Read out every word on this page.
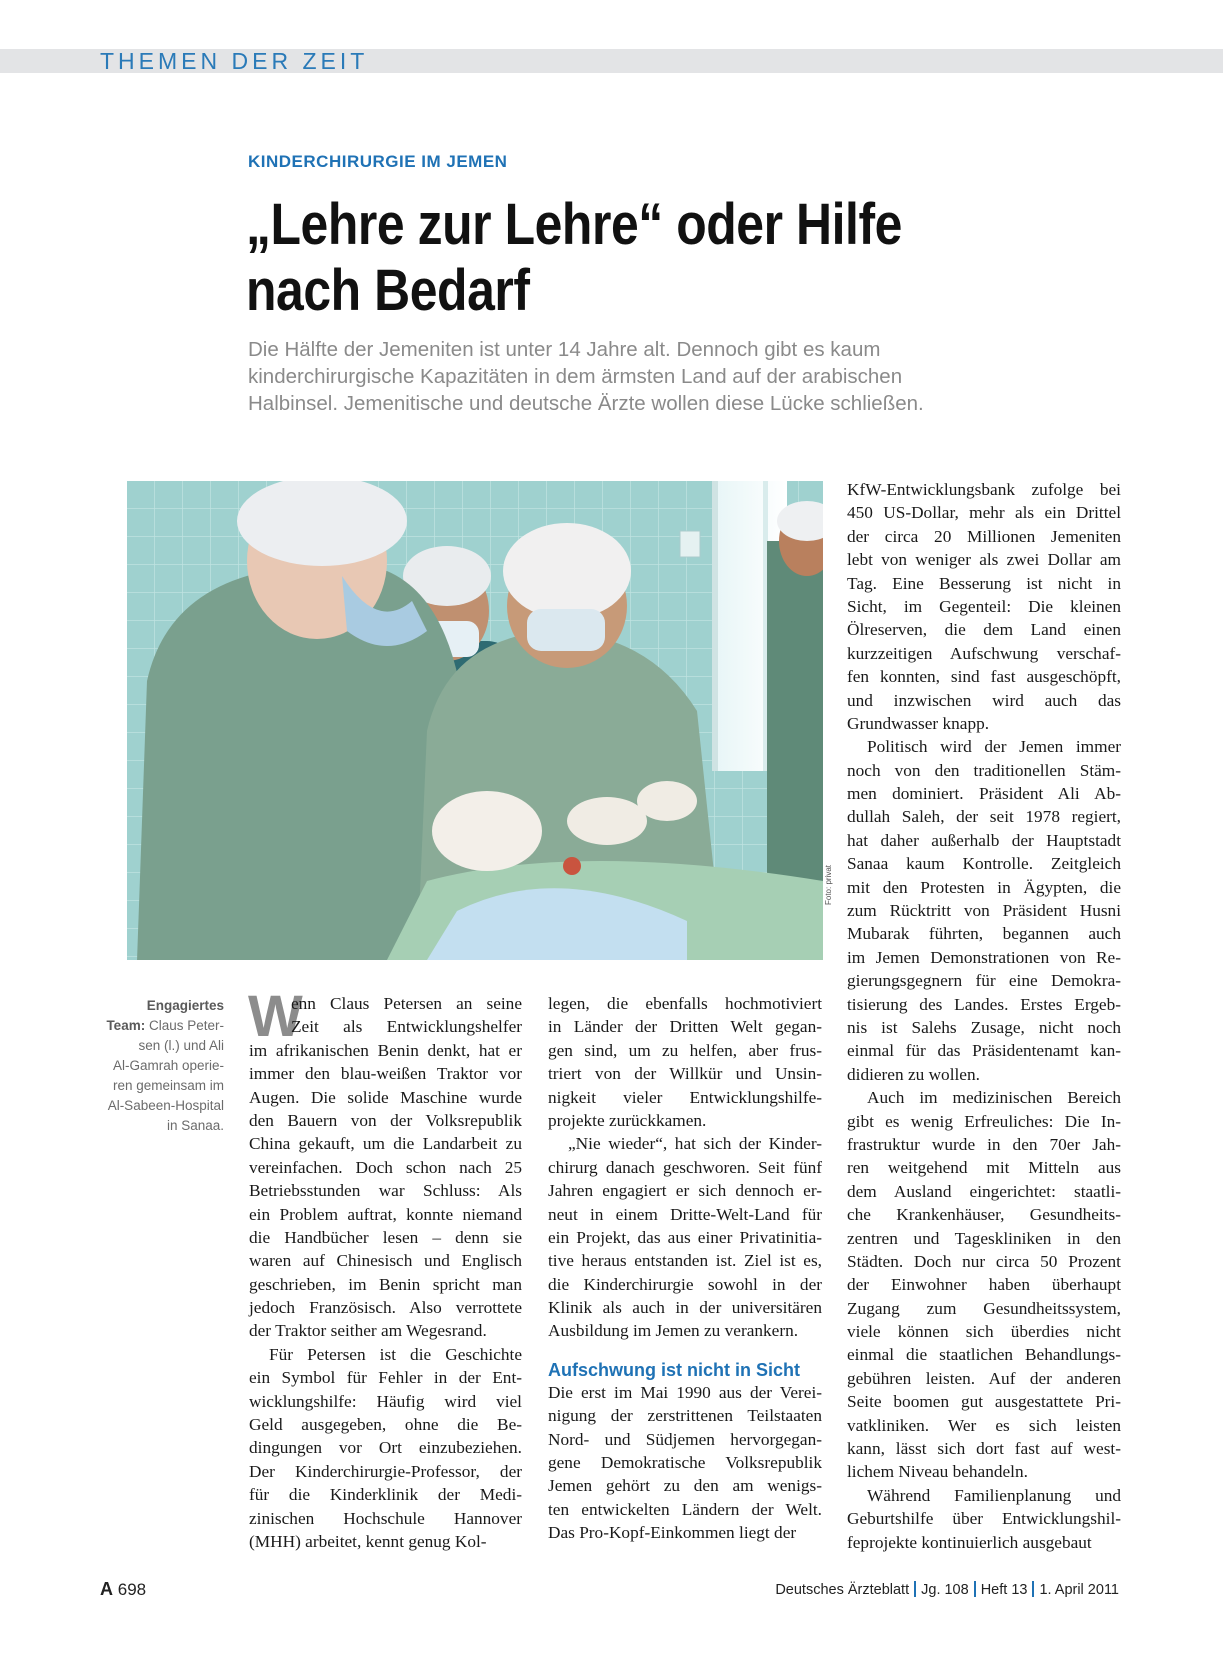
THEMEN DER ZEIT
KINDERCHIRURGIE IM JEMEN
„Lehre zur Lehre“ oder Hilfe
nach Bedarf
Die Hälfte der Jemeniten ist unter 14 Jahre alt. Dennoch gibt es kaum
kinderchirurgische Kapazitäten in dem ärmsten Land auf der arabischen
Halbinsel. Jemenitische und deutsche Ärzte wollen diese Lücke schließen.
Foto: privat
Engagiertes
Team: Claus Peter-
sen (l.) und Ali
Al-Gamrah operie-
ren gemeinsam im
Al-Sabeen-Hospital
in Sanaa.
W
enn Claus Petersen an seine
Zeit als Entwicklungshelfer
im afrikanischen Benin denkt, hat er
immer den blau-weißen Traktor vor
Augen. Die solide Maschine wurde
den Bauern von der Volksrepublik
China gekauft, um die Landarbeit zu
vereinfachen. Doch schon nach 25
Betriebsstunden war Schluss: Als
ein Problem auftrat, konnte niemand
die Handbücher lesen – denn sie
waren auf Chinesisch und Englisch
geschrieben, im Benin spricht man
jedoch Französisch. Also verrottete
der Traktor seither am Wegesrand.
Für Petersen ist die Geschichte
ein Symbol für Fehler in der Ent-
wicklungshilfe: Häufig wird viel
Geld ausgegeben, ohne die Be-
dingungen vor Ort einzubeziehen.
Der Kinderchirurgie-Professor, der
für die Kinderklinik der Medi-
zinischen Hochschule Hannover
(MHH) arbeitet, kennt genug Kol-
legen, die ebenfalls hochmotiviert
in Länder der Dritten Welt gegan-
gen sind, um zu helfen, aber frus-
triert von der Willkür und Unsin-
nigkeit vieler Entwicklungshilfe-
projekte zurückkamen.
„Nie wieder“, hat sich der Kinder-
chirurg danach geschworen. Seit fünf
Jahren engagiert er sich dennoch er-
neut in einem Dritte-Welt-Land für
ein Projekt, das aus einer Privatinitia-
tive heraus entstanden ist. Ziel ist es,
die Kinderchirurgie sowohl in der
Klinik als auch in der universitären
Ausbildung im Jemen zu verankern.
Aufschwung ist nicht in Sicht
Die erst im Mai 1990 aus der Verei-
nigung der zerstrittenen Teilstaaten
Nord- und Südjemen hervorgegan-
gene Demokratische Volksrepublik
Jemen gehört zu den am wenigs-
ten entwickelten Ländern der Welt.
Das Pro-Kopf-Einkommen liegt der
KfW-Entwicklungsbank zufolge bei
450 US-Dollar, mehr als ein Drittel
der circa 20 Millionen Jemeniten
lebt von weniger als zwei Dollar am
Tag. Eine Besserung ist nicht in
Sicht, im Gegenteil: Die kleinen
Ölreserven, die dem Land einen
kurzzeitigen Aufschwung verschaf-
fen konnten, sind fast ausgeschöpft,
und inzwischen wird auch das
Grundwasser knapp.
Politisch wird der Jemen immer
noch von den traditionellen Stäm-
men dominiert. Präsident Ali Ab-
dullah Saleh, der seit 1978 regiert,
hat daher außerhalb der Hauptstadt
Sanaa kaum Kontrolle. Zeitgleich
mit den Protesten in Ägypten, die
zum Rücktritt von Präsident Husni
Mubarak führten, begannen auch
im Jemen Demonstrationen von Re-
gierungsgegnern für eine Demokra-
tisierung des Landes. Erstes Ergeb-
nis ist Salehs Zusage, nicht noch
einmal für das Präsidentenamt kan-
didieren zu wollen.
Auch im medizinischen Bereich
gibt es wenig Erfreuliches: Die In-
frastruktur wurde in den 70er Jah-
ren weitgehend mit Mitteln aus
dem Ausland eingerichtet: staatli-
che Krankenhäuser, Gesundheits-
zentren und Tageskliniken in den
Städten. Doch nur circa 50 Prozent
der Einwohner haben überhaupt
Zugang zum Gesundheitssystem,
viele können sich überdies nicht
einmal die staatlichen Behandlungs-
gebühren leisten. Auf der anderen
Seite boomen gut ausgestattete Pri-
vatkliniken. Wer es sich leisten
kann, lässt sich dort fast auf west-
lichem Niveau behandeln.
Während Familienplanung und
Geburtshilfe über Entwicklungshil-
feprojekte kontinuierlich ausgebaut
A 698	Deutsches Ärzteblatt Jg. 108 Heft 13 1. April 2011
